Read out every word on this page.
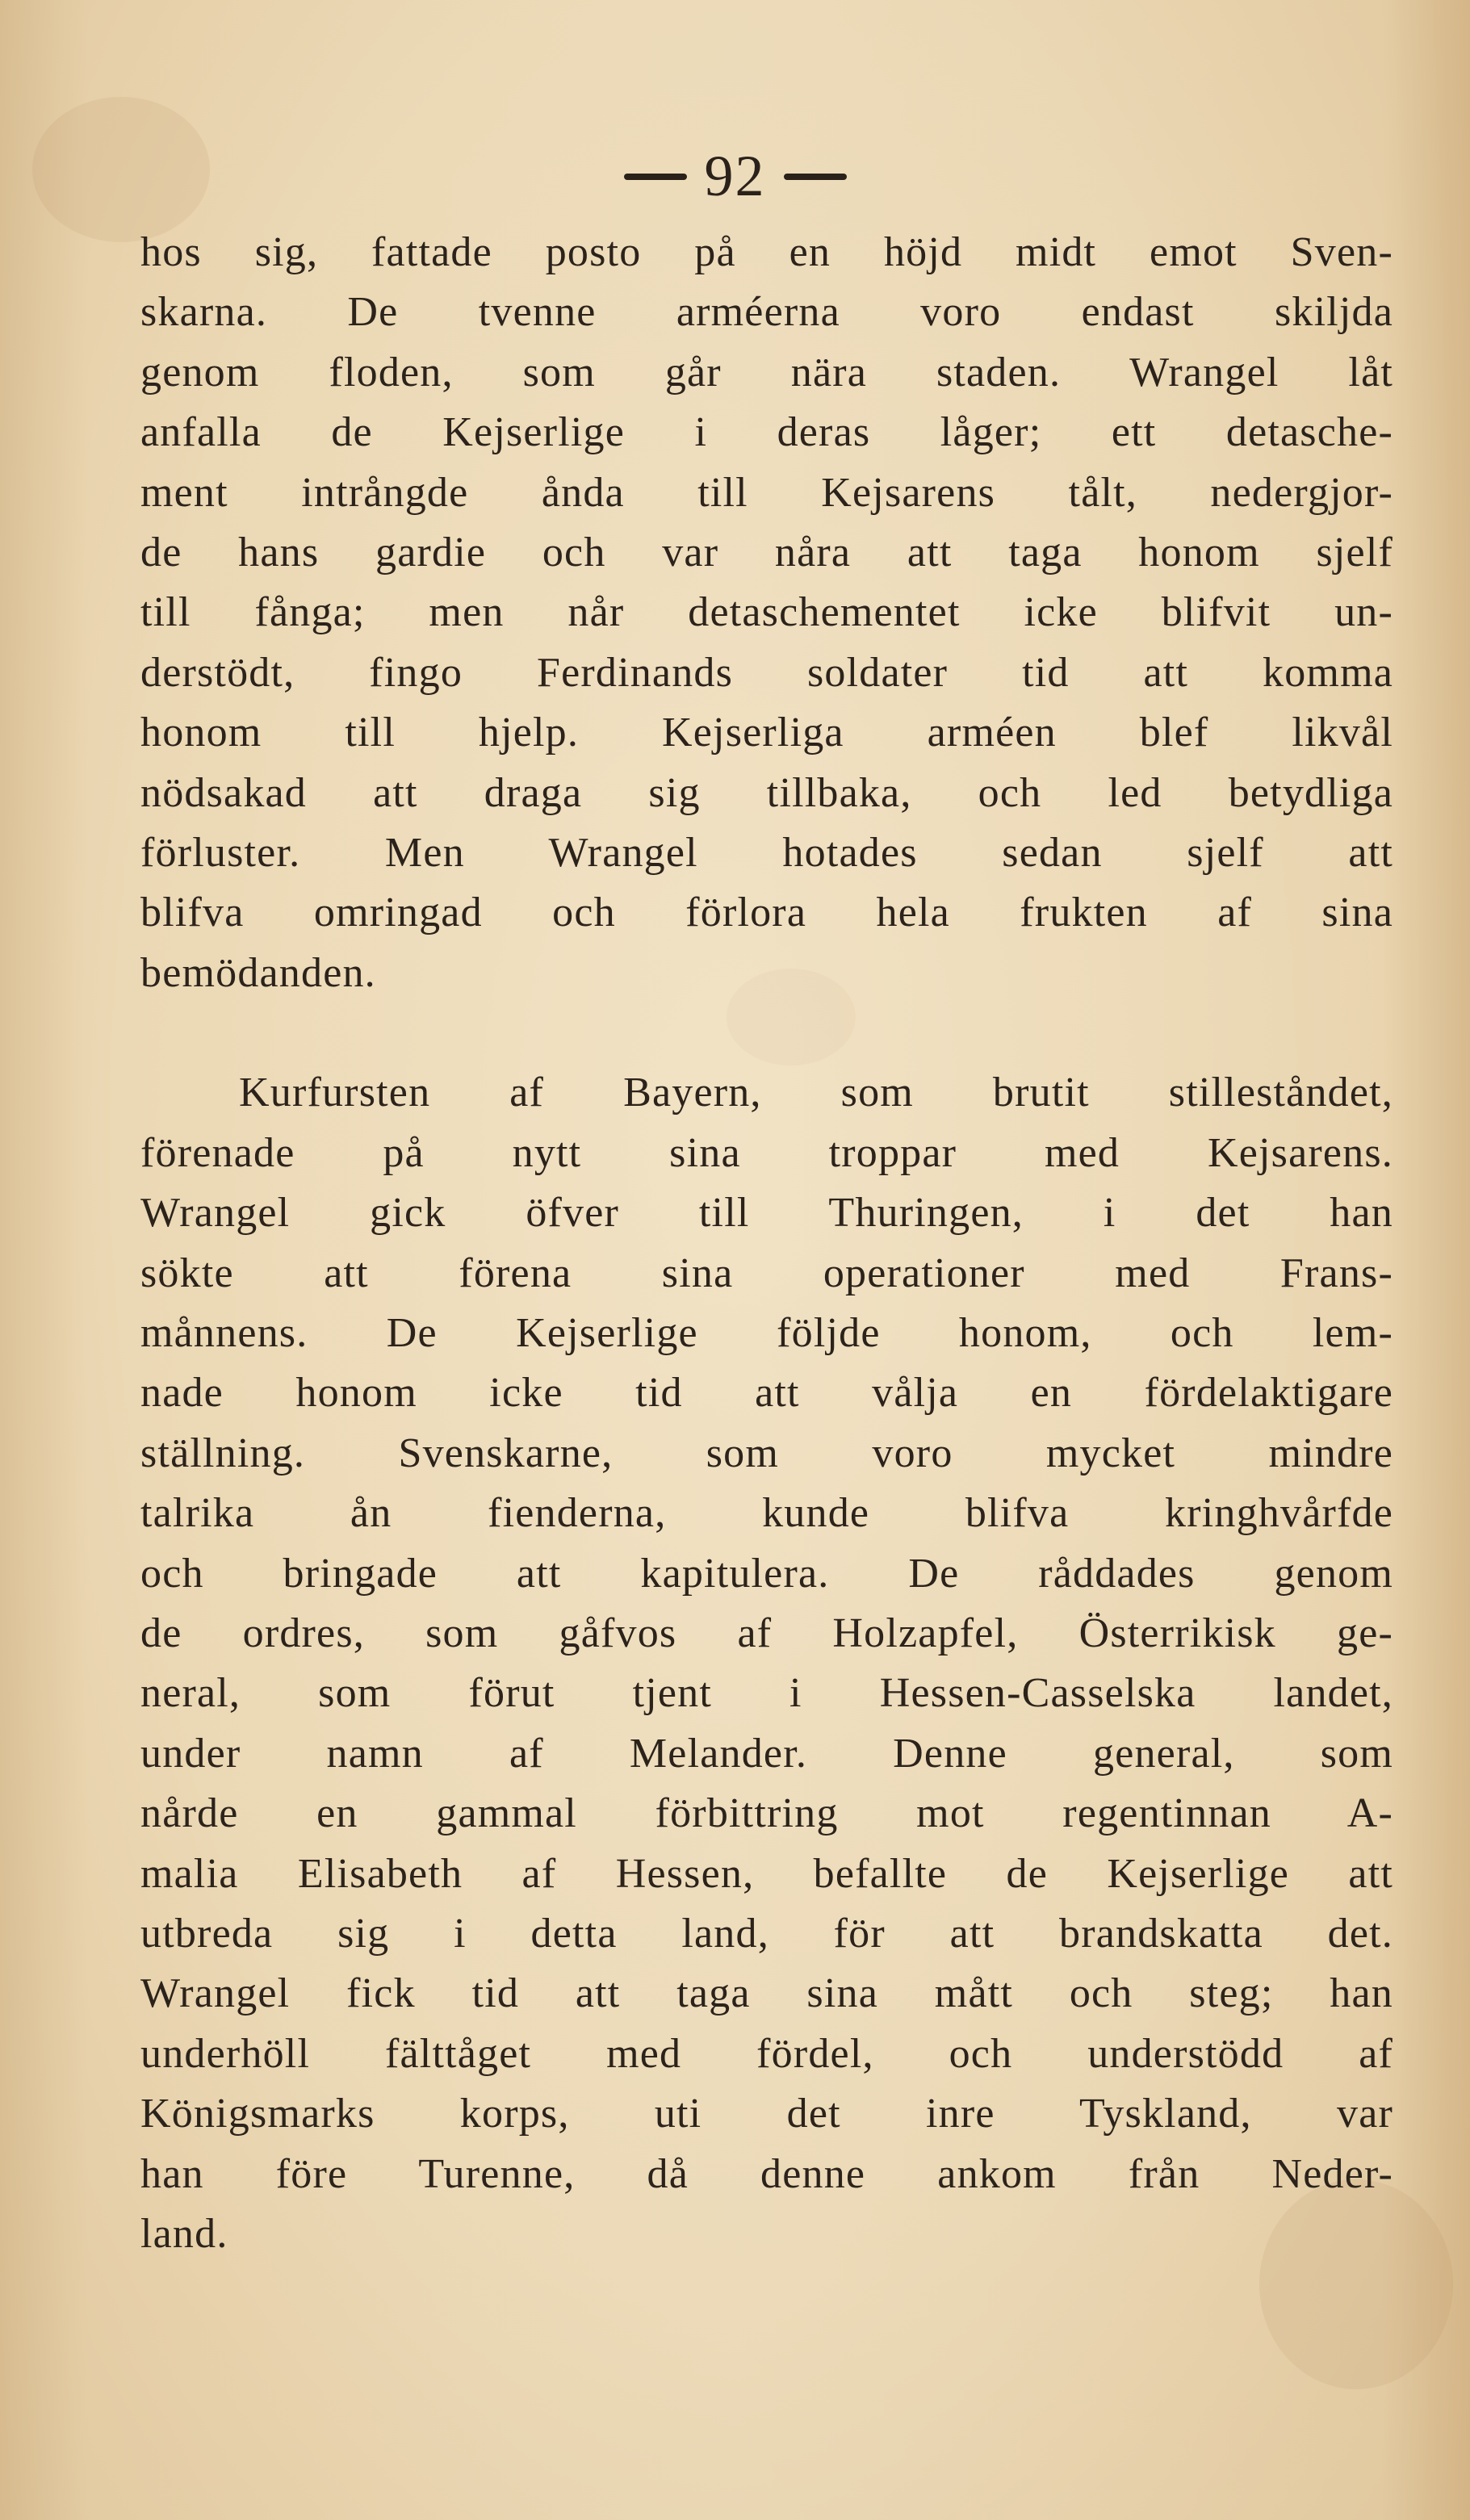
92
hos sig, fattade posto på en höjd midt emot Sven-
skarna. De tvenne arméerna voro endast skiljda
genom floden, som går nära staden. Wrangel låt
anfalla de Kejserlige i deras låger; ett detasche-
ment intrångde ånda till Kejsarens tålt, nedergjor-
de hans gardie och var nåra att taga honom sjelf
till fånga; men når detaschementet icke blifvit un-
derstödt, fingo Ferdinands soldater tid att komma
honom till hjelp. Kejserliga arméen blef likvål
nödsakad att draga sig tillbaka, och led betydliga
förluster. Men Wrangel hotades sedan sjelf att
blifva omringad och förlora hela frukten af sina
bemödanden.
Kurfursten af Bayern, som brutit stilleståndet,
förenade på nytt sina troppar med Kejsarens.
Wrangel gick öfver till Thuringen, i det han
sökte att förena sina operationer med Frans-
månnens. De Kejserlige följde honom, och lem-
nade honom icke tid att vålja en fördelaktigare
ställning. Svenskarne, som voro mycket mindre
talrika ån fienderna, kunde blifva kringhvårfde
och bringade att kapitulera. De råddades genom
de ordres, som gåfvos af Holzapfel, Österrikisk ge-
neral, som förut tjent i Hessen-Casselska landet,
under namn af Melander. Denne general, som
nårde en gammal förbittring mot regentinnan A-
malia Elisabeth af Hessen, befallte de Kejserlige att
utbreda sig i detta land, för att brandskatta det.
Wrangel fick tid att taga sina mått och steg; han
underhöll fälttåget med fördel, och understödd af
Königsmarks korps, uti det inre Tyskland, var
han före Turenne, då denne ankom från Neder-
land.
